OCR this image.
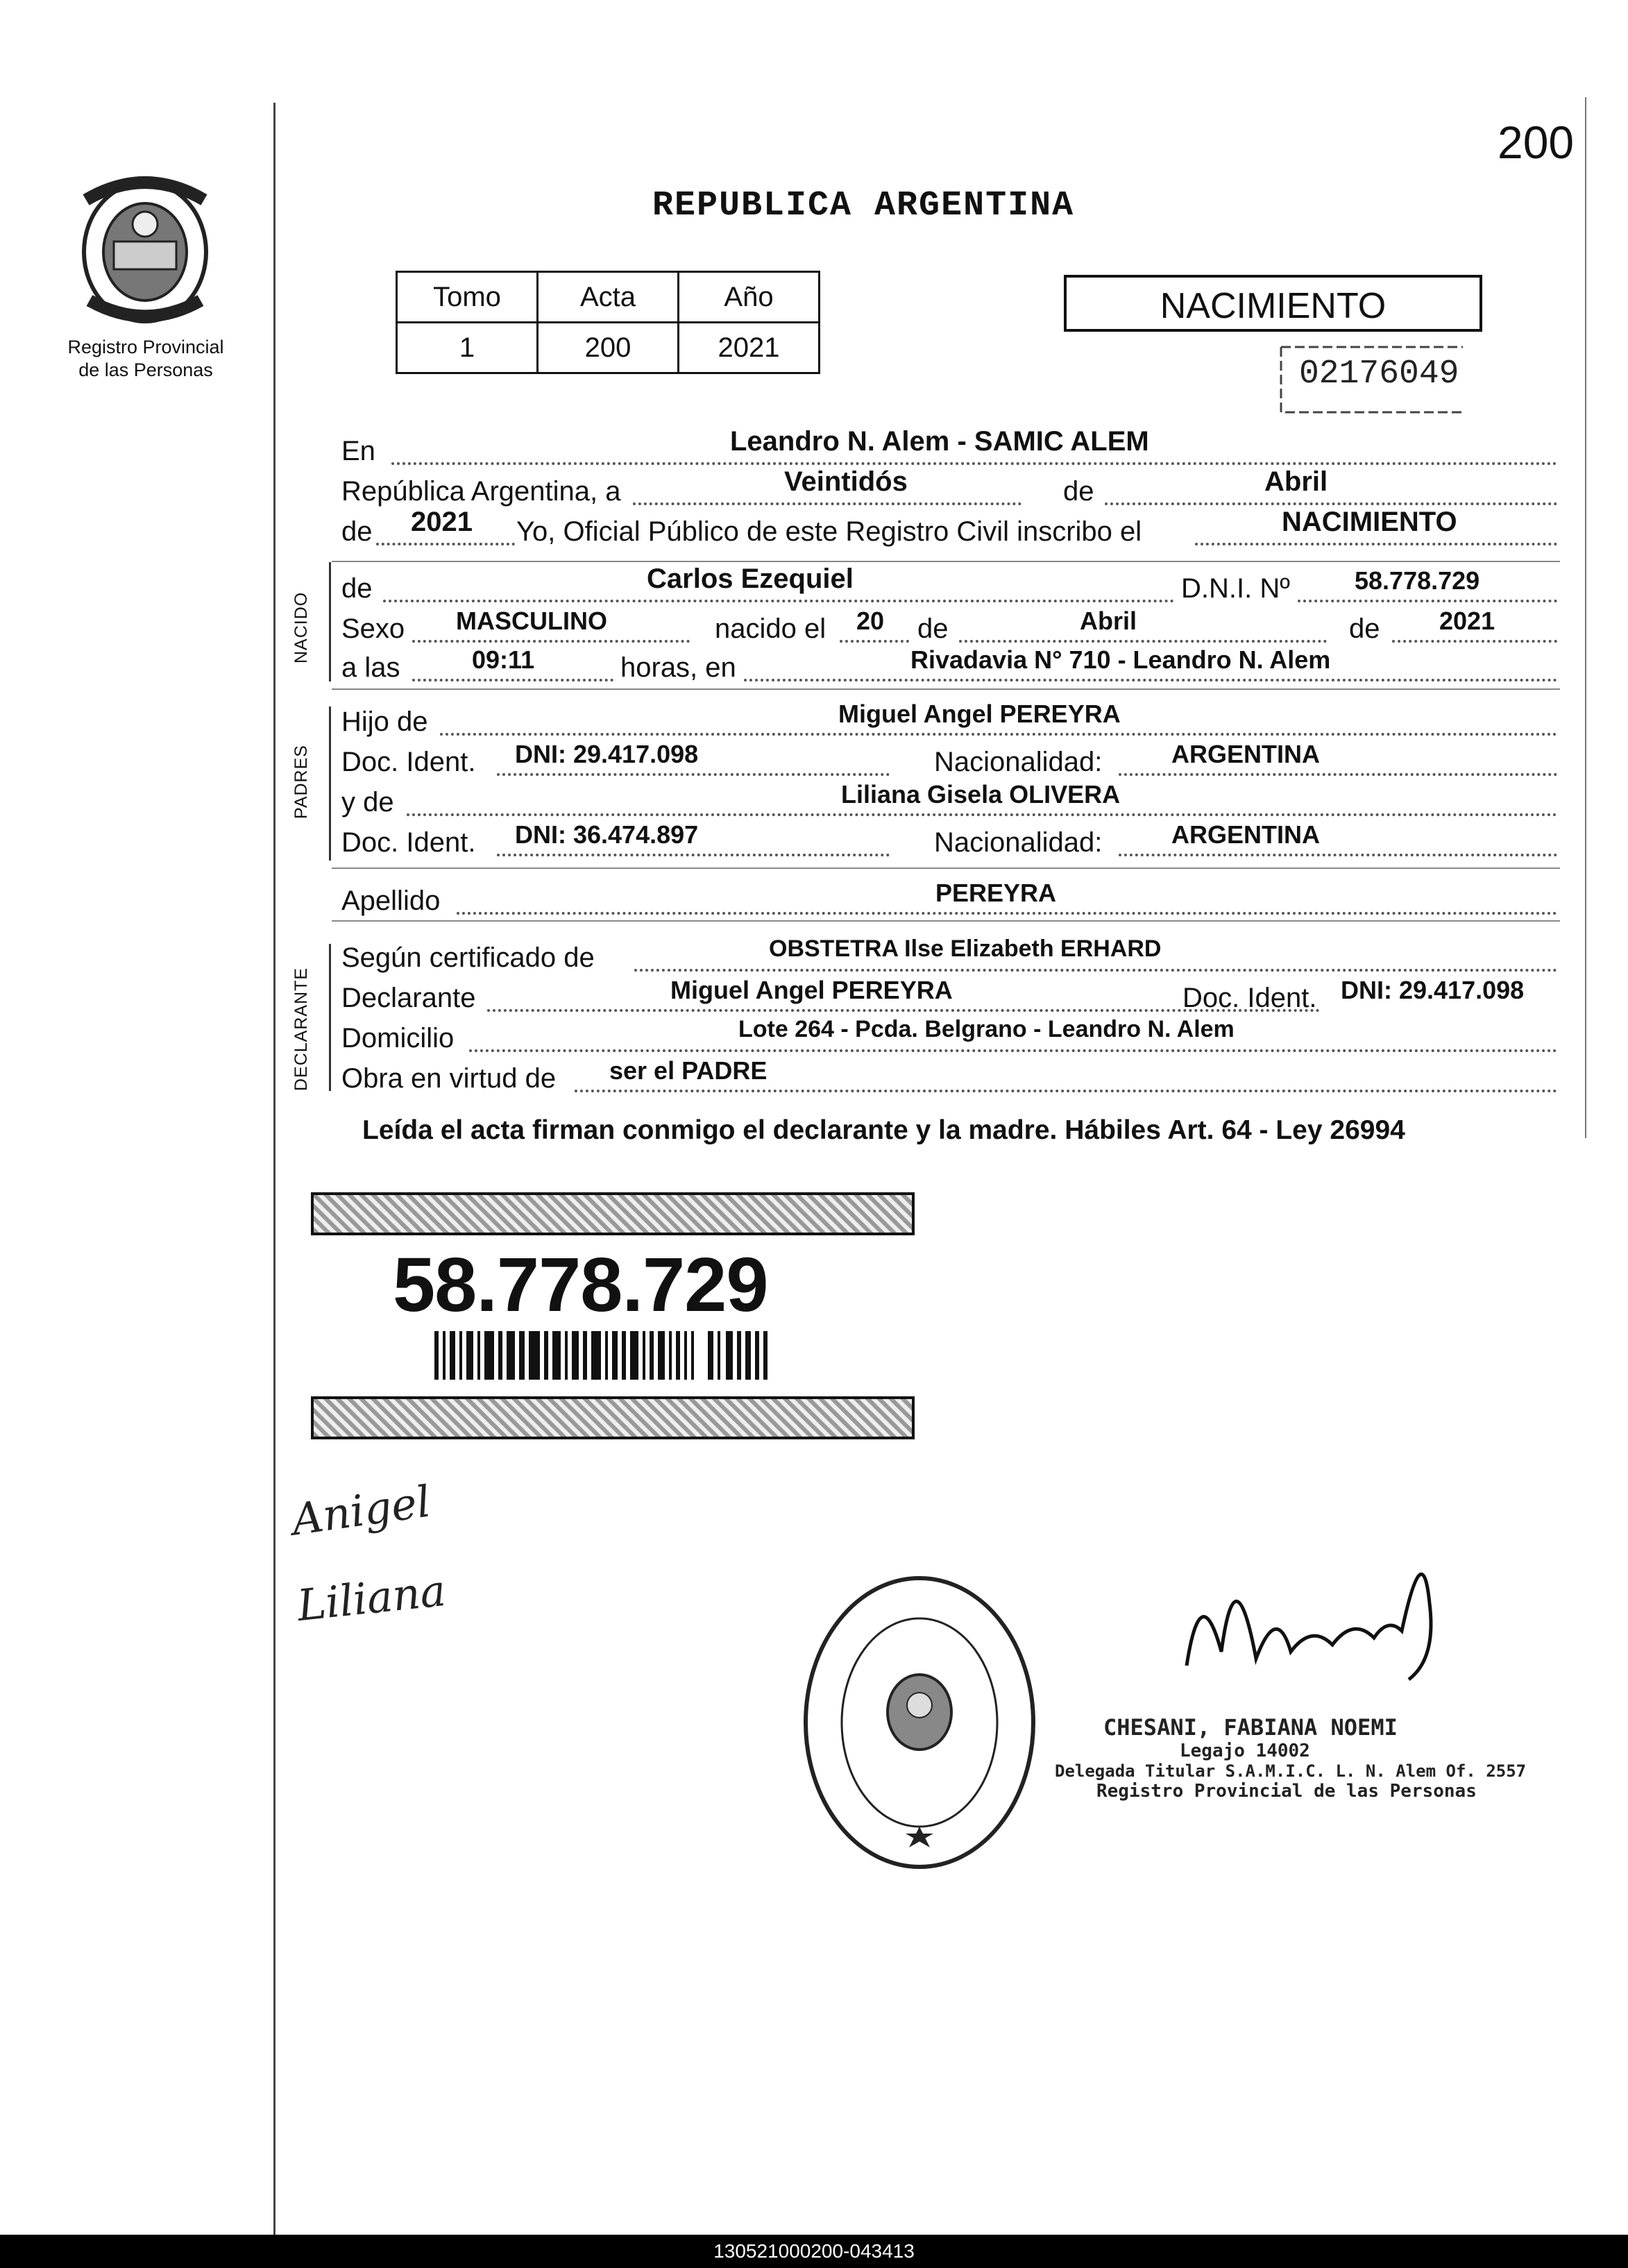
200
Registro Provincial
de las Personas
REPUBLICA ARGENTINA
Tomo	Acta	Año
1	200	2021
NACIMIENTO
02176049
En	Leandro N. Alem - SAMIC ALEM
República Argentina, a	Veintidós	de	Abril
de 2021 Yo, Oficial Público de este Registro Civil inscribo el	NACIMIENTO
NACIDO
de	Carlos Ezequiel	D.N.I. Nº	58.778.729
Sexo MASCULINO	nacido el 20 de	Abril	de 2021
a las	09:11	horas, en	Rivadavia N° 710 - Leandro N. Alem
PADRES
Hijo de	Miguel Angel PEREYRA
Doc. Ident. DNI: 29.417.098	Nacionalidad:	ARGENTINA
y de	Liliana Gisela OLIVERA
Doc. Ident. DNI: 36.474.897	Nacionalidad:	ARGENTINA
Apellido	PEREYRA
DECLARANTE
Según certificado de	OBSTETRA Ilse Elizabeth ERHARD
Declarante	Miguel Angel PEREYRA	Doc. Ident. DNI: 29.417.098
Domicilio	Lote 264 - Pcda. Belgrano - Leandro N. Alem
Obra en virtud de ser el PADRE
Leída el acta firman conmigo el declarante y la madre. Hábiles Art. 64 - Ley 26994
58.778.729
Anigel
Liliana
CHESANI, FABIANA NOEMI
Legajo 14002
Delegada Titular S.A.M.I.C. L. N. Alem Of. 2557
Registro Provincial de las Personas
130521000200-043413
